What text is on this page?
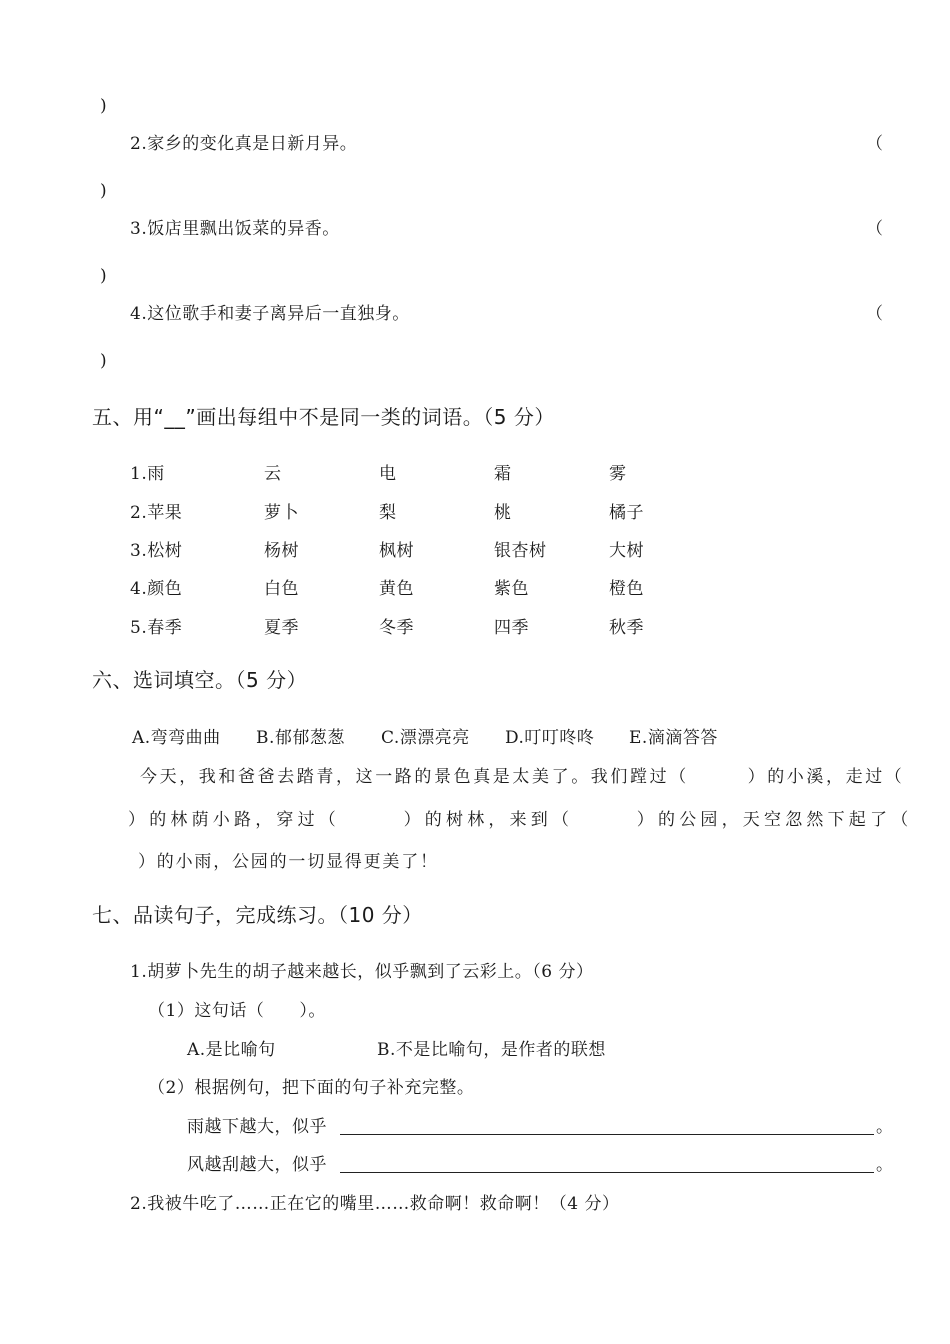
)
2.家乡的变化真是日新月异。	（
)
3.饭店里飘出饭菜的异香。	（
)
4.这位歌手和妻子离异后一直独身。	（
)
五、用“__”画出每组中不是同一类的词语。（5 分）
1.雨	云	电	霜	雾
2.苹果	萝卜	梨	桃	橘子
3.松树	杨树	枫树	银杏树	大树
4.颜色	白色	黄色	紫色	橙色
5.春季	夏季	冬季	四季	秋季
六、选词填空。（5 分）
A.弯弯曲曲 B.郁郁葱葱 C.漂漂亮亮 D.叮叮咚咚 E.滴滴答答
今天，我和爸爸去踏青，这一路的景色真是太美了。我们蹚过（　　　）的小溪，走过（
）的林荫小路，穿过（　　　）的树林，来到（　　　）的公园，天空忽然下起了（
）的小雨，公园的一切显得更美了！
七、品读句子，完成练习。（10 分）
1.胡萝卜先生的胡子越来越长，似乎飘到了云彩上。（6 分）
（1）这句话（　　）。
A.是比喻句	B.不是比喻句，是作者的联想
（2）根据例句，把下面的句子补充完整。
雨越下越大，似乎	。
风越刮越大，似乎	。
2.我被牛吃了……正在它的嘴里……救命啊！救命啊！（4 分）
